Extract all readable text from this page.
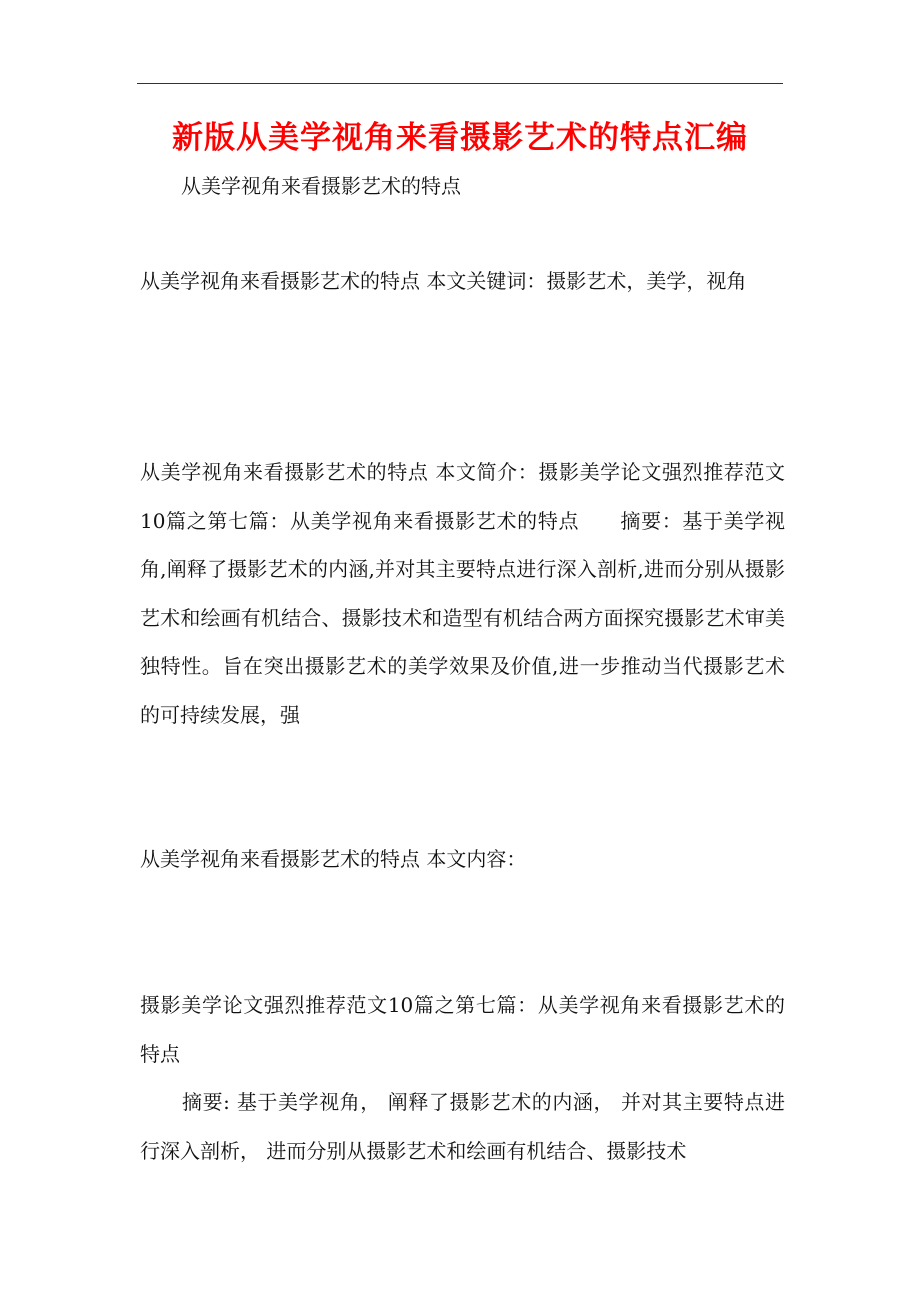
新版从美学视角来看摄影艺术的特点汇编
从美学视角来看摄影艺术的特点
从美学视角来看摄影艺术的特点 本文关键词：摄影艺术，美学，视角
从美学视角来看摄影艺术的特点 本文简介：摄影美学论文强烈推荐范文10篇之第七篇：从美学视角来看摄影艺术的特点　　摘要：基于美学视角,阐释了摄影艺术的内涵,并对其主要特点进行深入剖析,进而分别从摄影艺术和绘画有机结合、摄影技术和造型有机结合两方面探究摄影艺术审美独特性。旨在突出摄影艺术的美学效果及价值,进一步推动当代摄影艺术的可持续发展，强
从美学视角来看摄影艺术的特点 本文内容：
摄影美学论文强烈推荐范文10篇之第七篇：从美学视角来看摄影艺术的特点
摘要: 基于美学视角， 阐释了摄影艺术的内涵， 并对其主要特点进行深入剖析， 进而分别从摄影艺术和绘画有机结合、摄影技术
